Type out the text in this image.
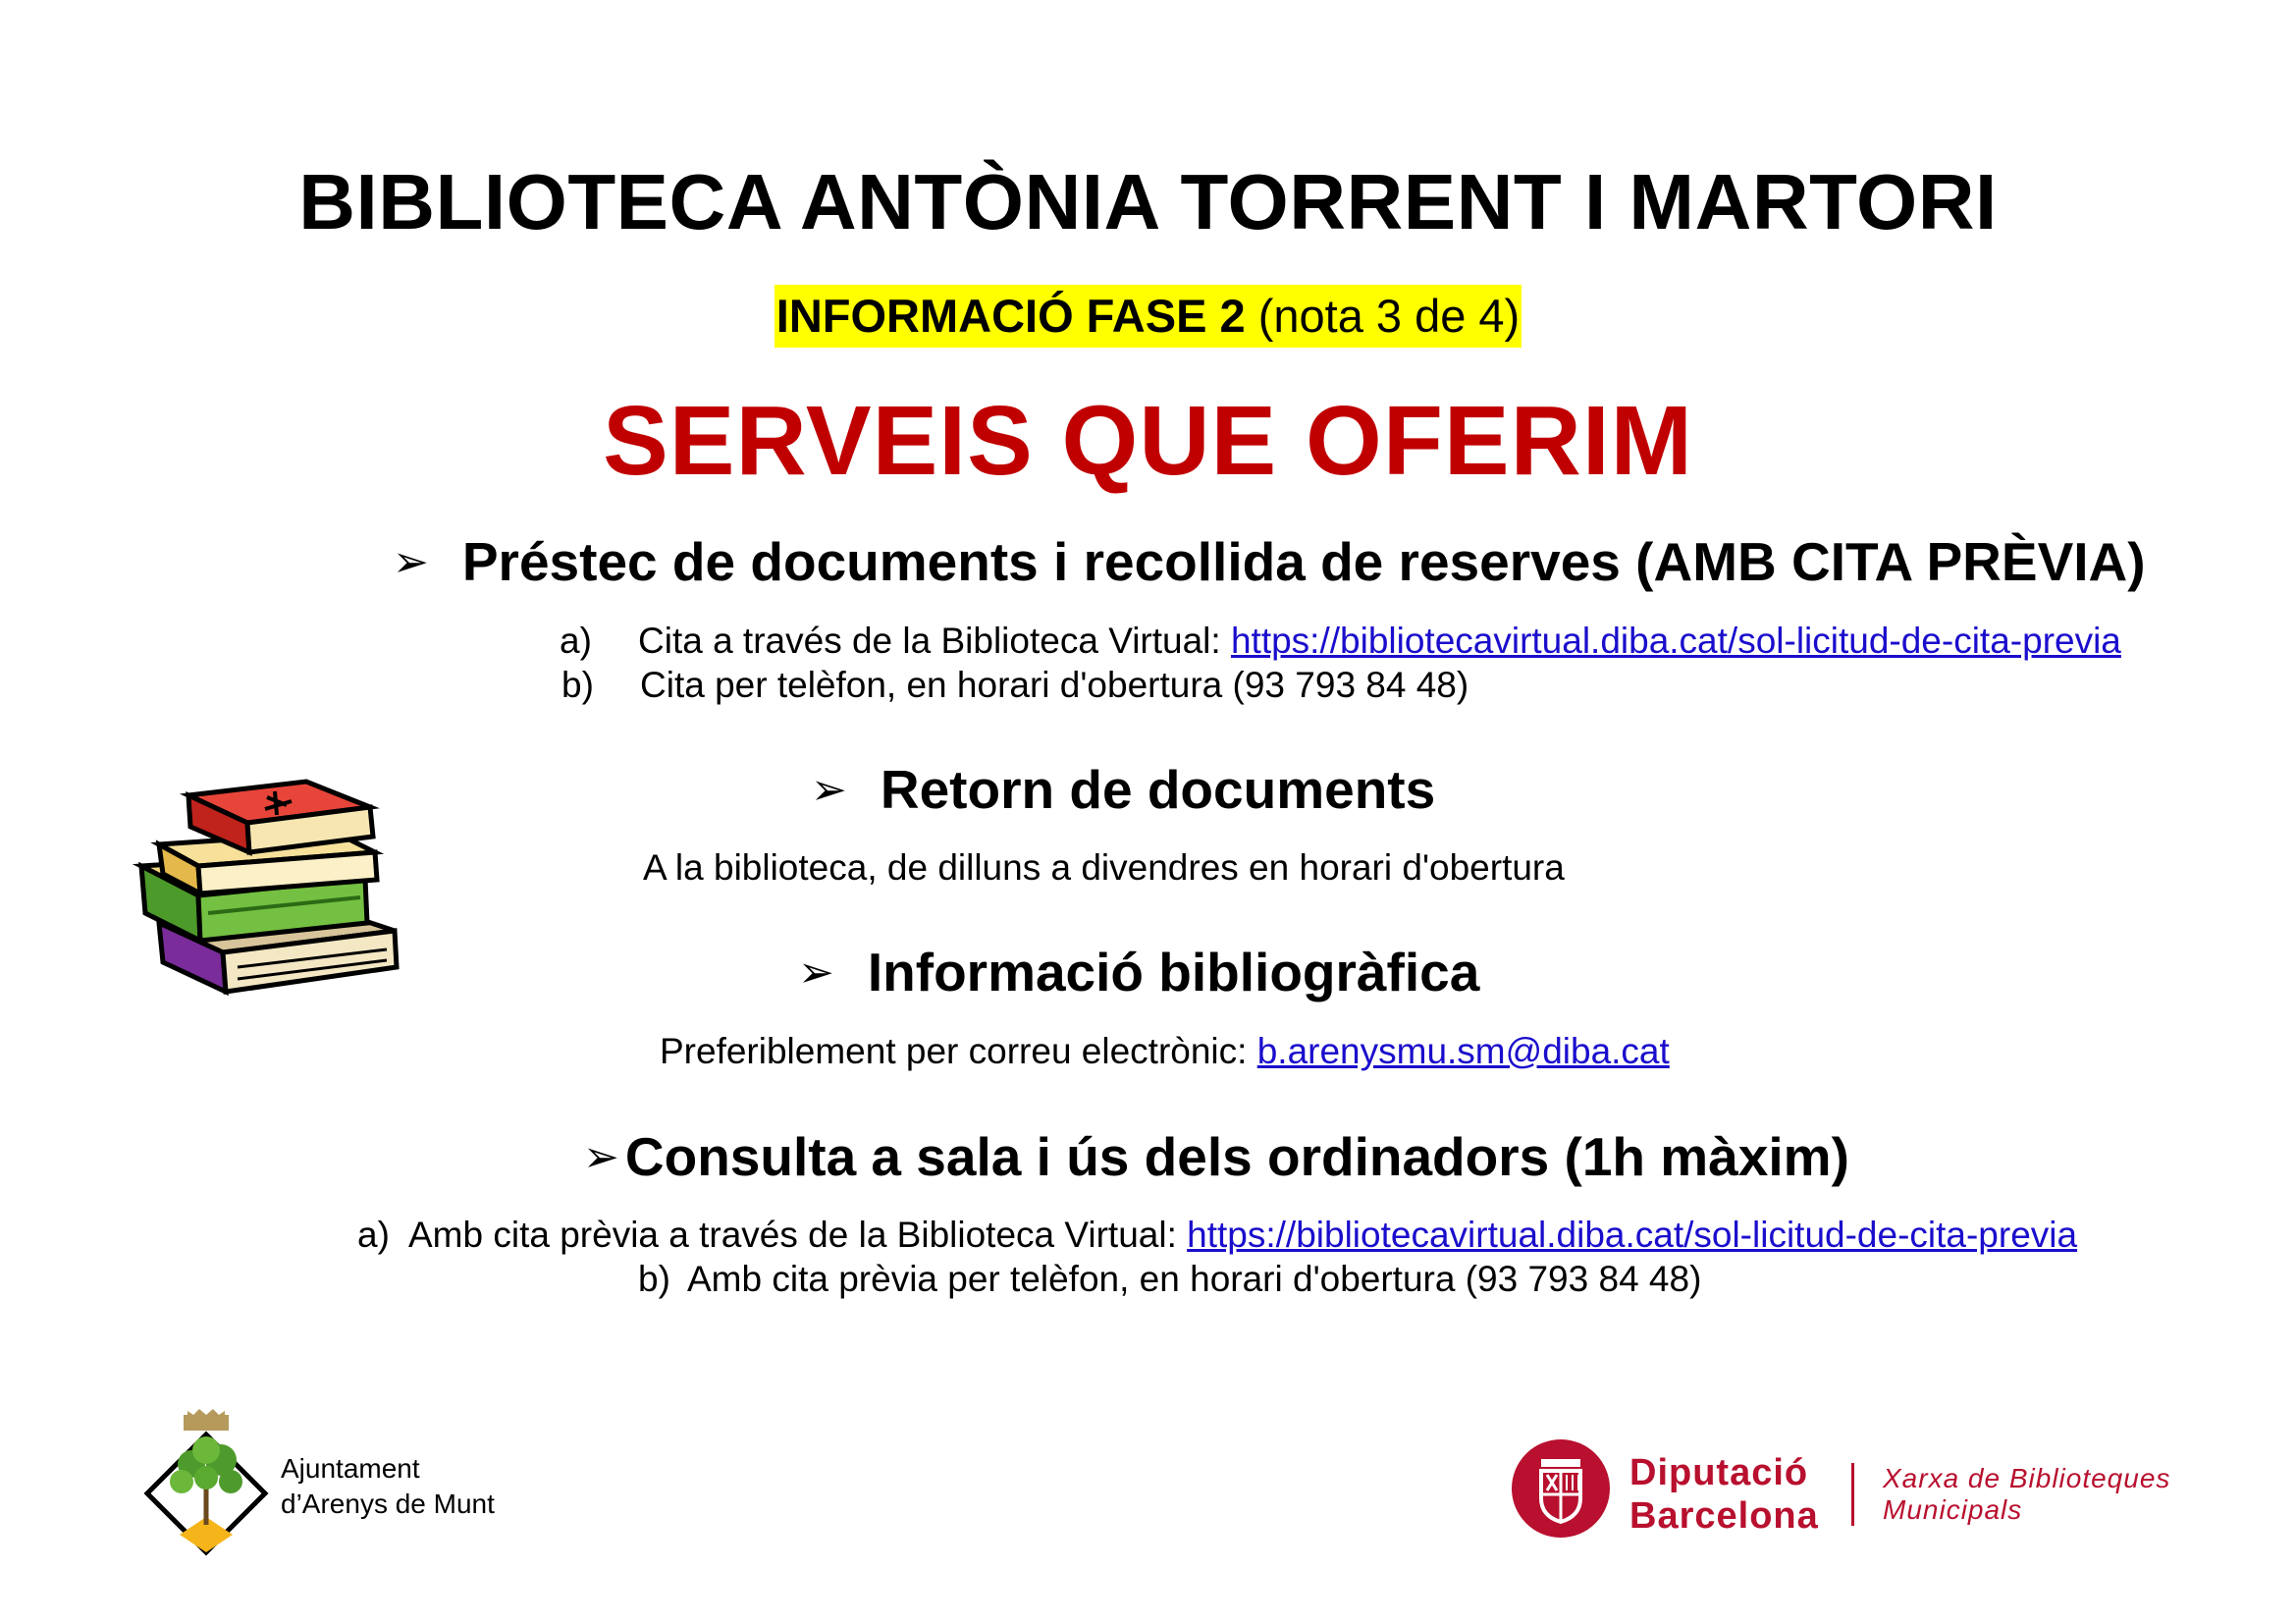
BIBLIOTECA ANTÒNIA TORRENT I MARTORI
INFORMACIÓ FASE 2 (nota 3 de 4)
SERVEIS QUE OFERIM
➢ Préstec de documents i recollida de reserves (AMB CITA PRÈVIA)
a) Cita a través de la Biblioteca Virtual: https://bibliotecavirtual.diba.cat/sol-licitud-de-cita-previa
b) Cita per telèfon, en horari d'obertura (93 793 84 48)
➢ Retorn de documents
A la biblioteca, de dilluns a divendres en horari d'obertura
➢ Informació bibliogràfica
Preferiblement per correu electrònic: b.arenysmu.sm@diba.cat
➢ Consulta a sala i ús dels ordinadors (1h màxim)
a) Amb cita prèvia a través de la Biblioteca Virtual: https://bibliotecavirtual.diba.cat/sol-licitud-de-cita-previa
b) Amb cita prèvia per telèfon, en horari d'obertura (93 793 84 48)
Ajuntament
d’Arenys de Munt
Diputació
Barcelona
Xarxa de Biblioteques
Municipals
